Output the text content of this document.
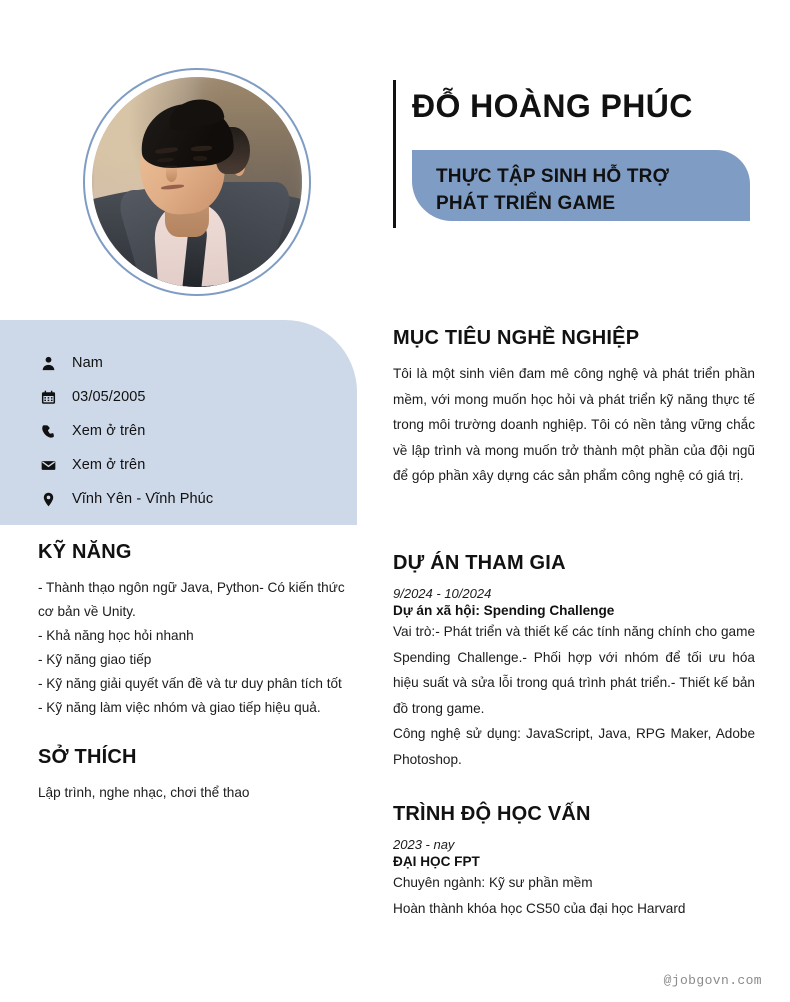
ĐỖ HOÀNG PHÚC
THỰC TẬP SINH HỖ TRỢ
PHÁT TRIỂN GAME
Nam
03/05/2005
Xem ở trên
Xem ở trên
Vĩnh Yên - Vĩnh Phúc
KỸ NĂNG

- Thành thạo ngôn ngữ Java, Python- Có kiến thức cơ bản về Unity.

- Khả năng học hỏi nhanh

- Kỹ năng giao tiếp

- Kỹ năng giải quyết vấn đề và tư duy phân tích tốt

- Kỹ năng làm việc nhóm và giao tiếp hiệu quả.

SỞ THÍCH

Lập trình, nghe nhạc, chơi thể thao

MỤC TIÊU NGHỀ NGHIỆP

Tôi là một sinh viên đam mê công nghệ và phát triển phần mềm, với mong muốn học hỏi và phát triển kỹ năng thực tế trong môi trường doanh nghiệp. Tôi có nền tảng vững chắc về lập trình và mong muốn trở thành một phần của đội ngũ để góp phần xây dựng các sản phẩm công nghệ có giá trị.

DỰ ÁN THAM GIA

9/2024 - 10/2024

Dự án xã hội: Spending Challenge

Vai trò:- Phát triển và thiết kế các tính năng chính cho game Spending Challenge.- Phối hợp với nhóm để tối ưu hóa hiệu suất và sửa lỗi trong quá trình phát triển.- Thiết kế bản đồ trong game.

Công nghệ sử dụng: JavaScript, Java, RPG Maker, Adobe Photoshop.

TRÌNH ĐỘ HỌC VẤN

2023 - nay

ĐẠI HỌC FPT

Chuyên ngành: Kỹ sư phần mềm

Hoàn thành khóa học CS50 của đại học Harvard

@jobgovn.com
